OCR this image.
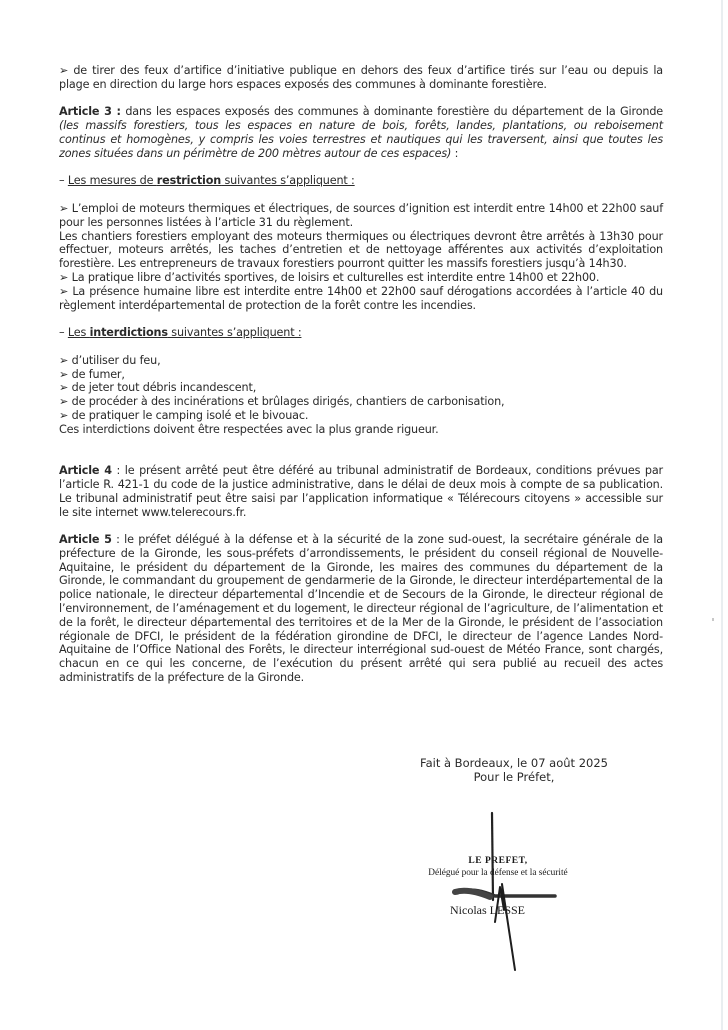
➢ de tirer des feux d’artifice d’initiative publique en dehors des feux d’artifice tirés sur l’eau ou depuis la plage en direction du large hors espaces exposés des communes à dominante forestière.

Article 3 : dans les espaces exposés des communes à dominante forestière du département de la Gironde (les massifs forestiers, tous les espaces en nature de bois, forêts, landes, plantations, ou reboisement continus et homogènes, y compris les voies terrestres et nautiques qui les traversent, ainsi que toutes les zones situées dans un périmètre de 200 mètres autour de ces espaces) :

– Les mesures de restriction suivantes s’appliquent :

➢ L’emploi de moteurs thermiques et électriques, de sources d’ignition est interdit entre 14h00 et 22h00 sauf pour les personnes listées à l’article 31 du règlement.
Les chantiers forestiers employant des moteurs thermiques ou électriques devront être arrêtés à 13h30 pour effectuer, moteurs arrêtés, les taches d’entretien et de nettoyage afférentes aux activités d’exploitation forestière. Les entrepreneurs de travaux forestiers pourront quitter les massifs forestiers jusqu’à 14h30.
➢ La pratique libre d’activités sportives, de loisirs et culturelles est interdite entre 14h00 et 22h00.
➢ La présence humaine libre est interdite entre 14h00 et 22h00 sauf dérogations accordées à l’article 40 du règlement interdépartemental de protection de la forêt contre les incendies.

– Les interdictions suivantes s’appliquent :

➢ d’utiliser du feu,
➢ de fumer,
➢ de jeter tout débris incandescent,
➢ de procéder à des incinérations et brûlages dirigés, chantiers de carbonisation,
➢ de pratiquer le camping isolé et le bivouac.
Ces interdictions doivent être respectées avec la plus grande rigueur.

Article 4 : le présent arrêté peut être déféré au tribunal administratif de Bordeaux, conditions prévues par l’article R. 421-1 du code de la justice administrative, dans le délai de deux mois à compte de sa publication. Le tribunal administratif peut être saisi par l’application informatique « Télérecours citoyens » accessible sur le site internet www.telerecours.fr.

Article 5 : le préfet délégué à la défense et à la sécurité de la zone sud-ouest, la secrétaire générale de la préfecture de la Gironde, les sous-préfets d’arrondissements, le président du conseil régional de Nouvelle-Aquitaine, le président du département de la Gironde, les maires des communes du département de la Gironde, le commandant du groupement de gendarmerie de la Gironde, le directeur interdépartemental de la police nationale, le directeur départemental d’Incendie et de Secours de la Gironde, le directeur régional de l’environnement, de l’aménagement et du logement, le directeur régional de l’agriculture, de l’alimentation et de la forêt, le directeur départemental des territoires et de la Mer de la Gironde, le président de l’association régionale de DFCI, le président de la fédération girondine de DFCI, le directeur de l’agence Landes Nord-Aquitaine de l’Office National des Forêts, le directeur interrégional sud-ouest de Météo France, sont chargés, chacun en ce qui les concerne, de l’exécution du présent arrêté qui sera publié au recueil des actes administratifs de la préfecture de la Gironde.

Fait à Bordeaux, le 07 août 2025
Pour le Préfet,
LE PREFET,
Délégué pour la défense et la sécurité
Nicolas LESSE
